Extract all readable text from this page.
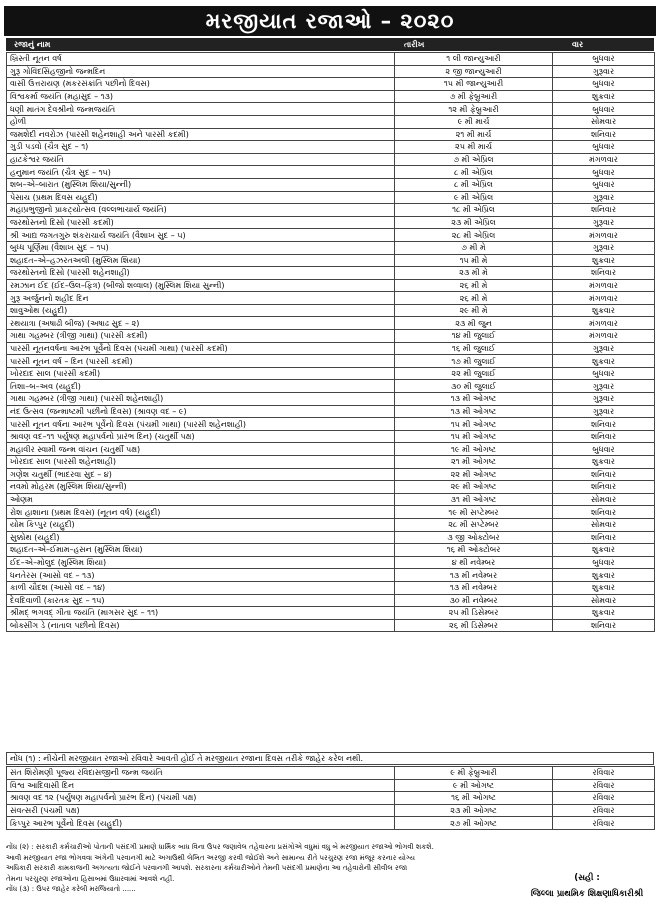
મરજીયાત રજાઓ – ૨૦૨૦
રજાનું નામ	તારીખ	વાર
ખ્રિસ્તી નૂતન વર્ષ	૧ લી જાન્યુઆરી	બુધવાર
ગુરૂ ગોવિંદસિંહજીનો જન્મદિન	૨ જી જાન્યુઆરી	ગુરૂવાર
વાસી ઉત્તરાયણ (મકરસંક્રાંતિ પછીનો દિવસ)	૧૫ મી જાન્યુઆરી	બુધવાર
વિશ્વકર્મા જયંતિ (મહાસુદ – ૧૩)	૭ મી ફેબ્રુઆરી	શુક્રવાર
ધણી માતંગ દેવશ્રીનો જન્મજયંતિ	૧૨ મી ફેબ્રુઆરી	બુધવાર
હોળી	૯ મી માર્ચ	સોમવાર
જમશેદી નવરોઝ (પારસી શહેનશાહી અને પારસી કદમી)	૨૧ મી માર્ચ	શનિવાર
ગુડી પડવો (ચૈત્ર સુદ – ૧)	૨૫ મી માર્ચ	બુધવાર
હાટકેશ્વર જયંતિ	૭ મી એપ્રિલ	મંગળવાર
હનુમાન જયંતિ (ચૈત્ર સુદ – ૧૫)	૮ મી એપ્રિલ	બુધવાર
શબ–એ–બારાત (મુસ્લિમ શિયા/સુન્ની)	૮ મી એપ્રિલ	બુધવાર
પેસાચ (પ્રથમ દિવસ યહુદી)	૯ મી એપ્રિલ	ગુરૂવાર
મહાપ્રભુજીનો પ્રાકટ્યોત્સવ (વલ્લભાચાર્ય જયંતિ)	૧૮ મી એપ્રિલ	શનિવાર
જરથોસ્તનો દિસો (પારસી કદમી)	૨૩ મી એપ્રિલ	ગુરૂવાર
શ્રી આદ્ય જગતગુરુ શંકરાચાર્ય જયંતિ (વૈશાખ સુદ – ૫)	૨૮ મી એપ્રિલ	મંગળવાર
બુધ્ધ પૂર્ણિમા (વૈશાખ સુદ – ૧૫)	૭ મી મે	ગુરૂવાર
શહાદત–એ–હઝરતઅલી (મુસ્લિમ શિયા)	૧૫ મી મે	શુક્રવાર
જરથોસ્તનો દિસો (પારસી શહેનશાહી)	૨૩ મી મે	શનિવાર
રમઝાન ઈદ (ઈદ–ઉલ–ફિત્ર) (બીજો શવ્વાલ) (મુસ્લિમ શિયા સુન્ની)	૨૬ મી મે	મંગળવાર
ગુરૂ અર્જુનનો શહીદ દિન	૨૬ મી મે	મંગળવાર
શાવુઓથ (યહુદી)	૨૯ મી મે	શુક્રવાર
રથયાત્રા (અષાઢી બીજ) (અષાઢ સુદ – ૨)	૨૩ મી જુન	મંગળવાર
ગાથા ગહમ્બર (ત્રીજી ગાથા) (પારસી કદમી)	૧૪ મી જુલાઈ	મંગળવાર
પારસી નૂતનવર્ષના આરંભ પૂર્વેનો દિવસ (પંચમી ગાથા) (પારસી કદમી)	૧૬ મી જુલાઈ	ગુરૂવાર
પારસી નૂતન વર્ષ – દિન (પારસી કદમી)	૧૭ મી જુલાઈ	શુક્રવાર
ખોરદાદ સાલ (પારસી કદમી)	૨૨ મી જુલાઈ	બુધવાર
તિશા–બ–અવ (યહુદી)	૩૦ મી જુલાઈ	ગુરૂવાર
ગાથા ગહમ્બર (ત્રીજી ગાથા) (પારસી શહેનશાહી)	૧૩ મી ઓગષ્ટ	ગુરૂવાર
નંદ ઉત્સવ (જન્માષ્ટમી પછીનો દિવસ) (શ્રાવણ વદ – ૯)	૧૩ મી ઓગષ્ટ	ગુરૂવાર
પારસી નૂતન વર્ષના આરંભ પૂર્વેનો દિવસ (પંચમી ગાથા) (પારસી શહેનશાહી)	૧૫ મી ઓગષ્ટ	શનિવાર
શ્રાવણ વદ–૧૧ પર્યુષણ મહાપર્વનો પ્રારંભ દિન) (ચતુર્થી પક્ષ)	૧૫ મી ઓગષ્ટ	શનિવાર
મહાવીર સ્વામી જન્મ વાંચન (ચતુર્થી પક્ષ)	૧૯ મી ઓગષ્ટ	બુધવાર
ખોરદાદ સાલ (પારસી શહેનશાહી)	૨૧ મી ઓગષ્ટ	શુક્રવાર
ગણેશ ચતુર્થી (ભાદરવા સુદ – ૪)	૨૨ મી ઓગષ્ટ	શનિવાર
નવમો મોહરમ (મુસ્લિમ શિયા/સુન્ની)	૨૯ મી ઓગષ્ટ	શનિવાર
ઓણમ	૩૧ મી ઓગષ્ટ	સોમવાર
રોશ હાશાના (પ્રથમ દિવસ) (નૂતન વર્ષ) (યહુદી)	૧૯ મી સપ્ટેમ્બર	શનિવાર
યોમ કિપ્પુર (યહુદી)	૨૮ મી સપ્ટેમ્બર	સોમવાર
સુક્કોથ (યહુદી)	૩ જી ઓક્ટોબર	શનિવાર
શહાદત–એ–ઈમામ–હસન (મુસ્લિમ શિયા)	૧૬ મી ઓક્ટોબર	શુક્રવાર
ઈદ–એ–મોલુદ (મુસ્લિમ શિયા)	૪ થી નવેમ્બર	બુધવાર
ધનતેરસ (આસો વદ – ૧૩)	૧૩ મી નવેમ્બર	શુક્રવાર
કાળી ચૌદશ (આસો વદ – ૧૪)	૧૩ મી નવેમ્બર	શુક્રવાર
દેવદિવાળી (કારતક સુદ – ૧૫)	૩૦ મી નવેમ્બર	સોમવાર
શ્રીમદ્ ભગવદ્ ગીતા જયંતિ (માગસર સુદ – ૧૧)	૨૫ મી ડિસેમ્બર	શુક્રવાર
બોક્સીંગ ડે (નાતાલ પછીનો દિવસ)	૨૬ મી ડિસેમ્બર	શનિવાર
નોંધ (૧) : નીચેની મરજીયાત રજાઓ રવિવારે આવતી હોઈ તે મરજીયાત રજાના દિવસ તરીકે જાહેર કરેલ નથી.
સંત શિરોમણી પૂજ્ય રવિદાસજીની જન્મ જયંતિ	૯ મી ફેબ્રુઆરી	રવિવાર
વિશ્વ આદિવાસી દિન	૯ મી ઓગષ્ટ	રવિવાર
શ્રાવણ વદ ૧૨ (પર્યુષણ મહાપર્વનો પ્રારંભ દિન) (પંચમી પક્ષ)	૧૬ મી ઓગષ્ટ	રવિવાર
સંવત્સરી (પંચમી પક્ષ)	૨૩ મી ઓગષ્ટ	રવિવાર
કિપ્પુર આરંભ પૂર્વેનો દિવસ (યહુદી)	૨૭ મી ઓગષ્ટ	રવિવાર
નોંધ (૨) : સરકારી કર્મચારીઓ પોતાની પસંદગી પ્રમાણે ધાર્મિક બાધ વિના ઉપર જણાવેલ તહેવારના પ્રસંગોએ વધુમાં વધુ બે મરજીયાત રજાઓ ભોગવી શકશે.
આવી મરજીયાત રજા ભોગવવા અંગેની પરવાનગી માટે અગાઉથી લેખિત અરજી કરવી જોઈશે અને સામાન્ય રીતે પરચુરણ રજા મંજૂર કરનાર યોગ્ય
અધિકારી સરકારી કામકાજની અગત્યતા જોઈને પરવાનગી આપશે. સરકારના કર્મચારીઓને તેમની પસંદગી પ્રમાણેના આ તહેવારોની સીવીલ રજા
તેમના પરચુરણ રજાઓના હિસાબમાં ઉધારવામાં આવશે નહીં.
નોંધ (૩) : ઉપર જાહેર કરેલી મરજિયાતો ......
(સહી :
જિલ્લા પ્રાથમિક શિક્ષણાધિકારીશ્રી
